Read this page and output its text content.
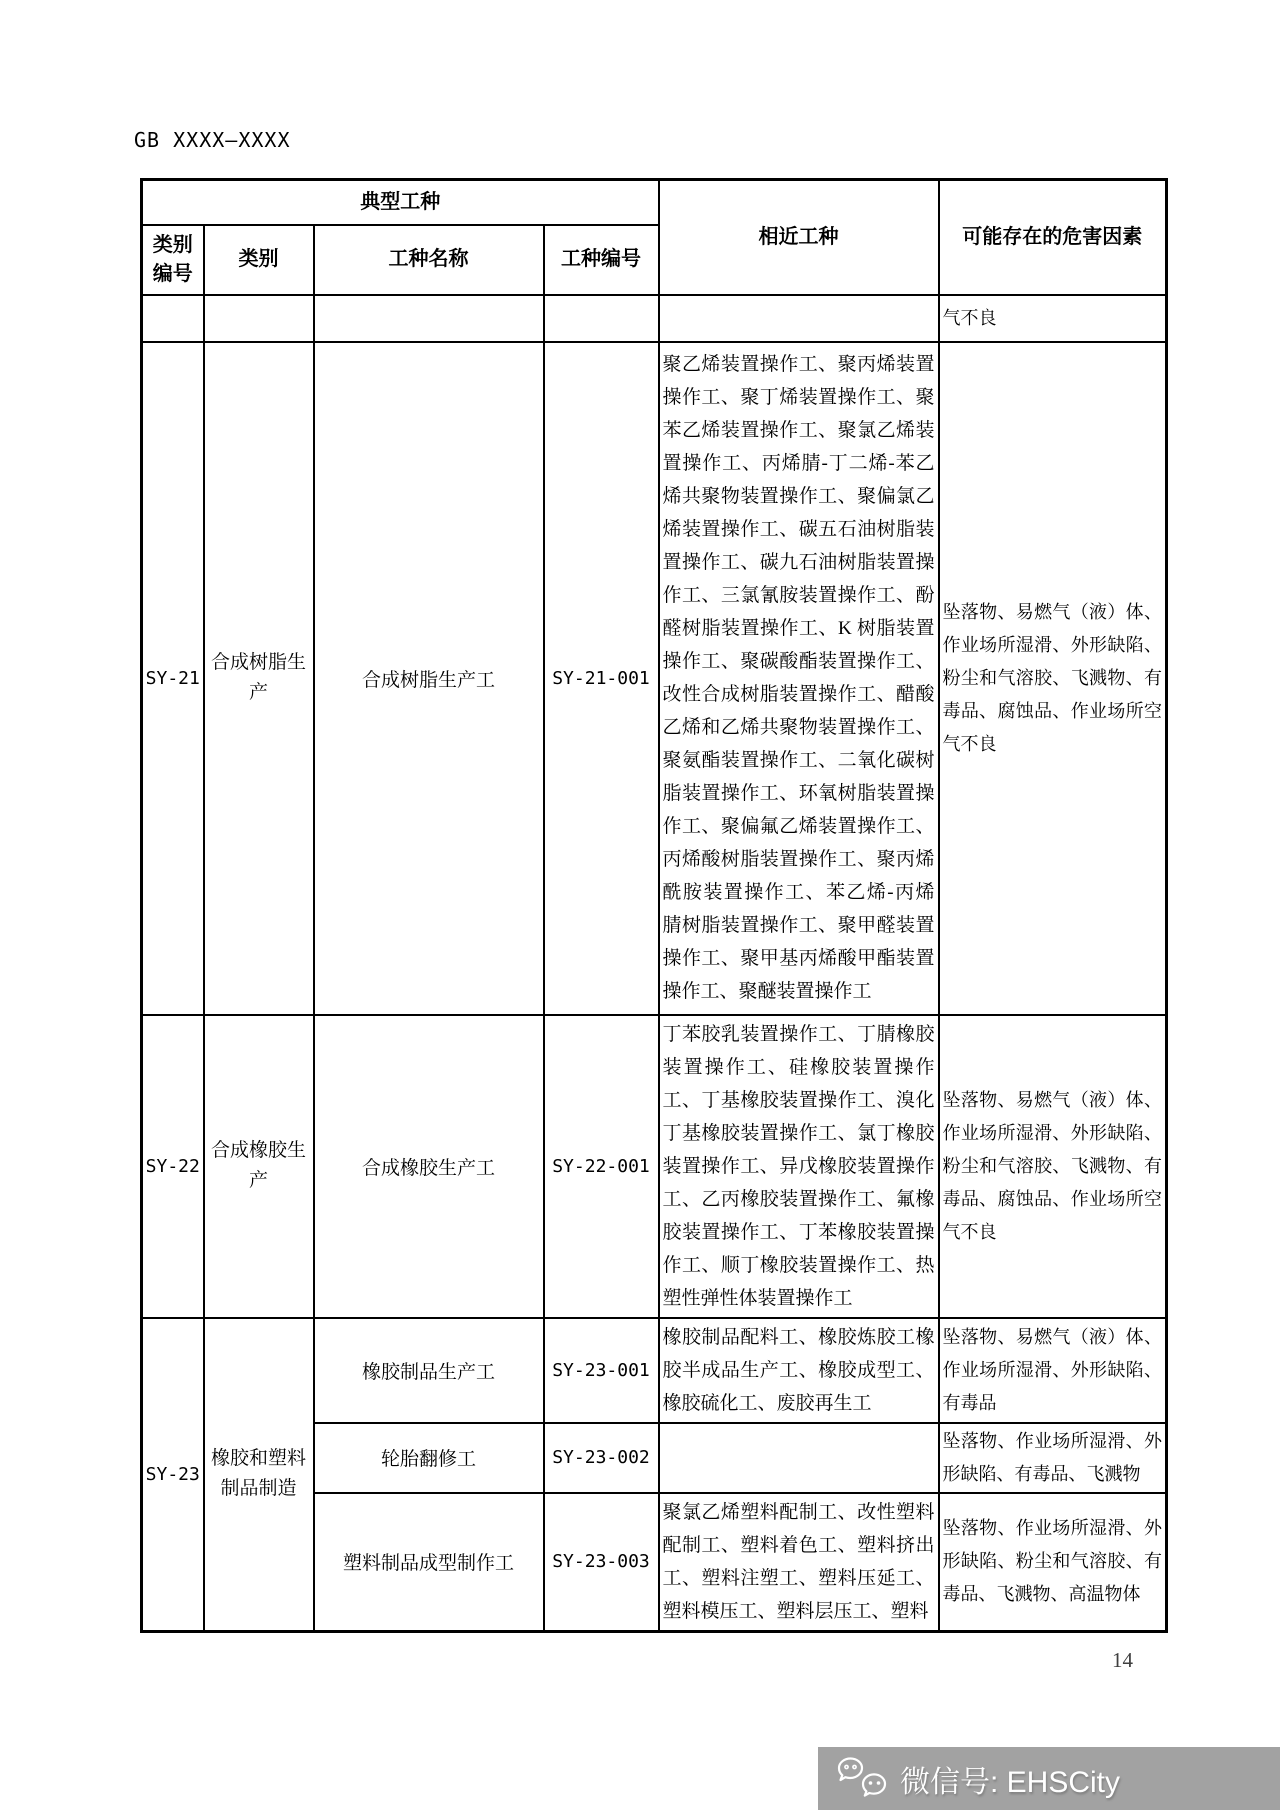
GB XXXX—XXXX
典型工种				相近工种	可能存在的危害因素
类别编号	类别	工种名称	工种编号		
					气不良
SY-21	合成树脂生产	合成树脂生产工	SY-21-001	聚乙烯装置操作工、聚丙烯装置操作工、聚丁烯装置操作工、聚苯乙烯装置操作工、聚氯乙烯装置操作工、丙烯腈-丁二烯-苯乙烯共聚物装置操作工、聚偏氯乙烯装置操作工、碳五石油树脂装置操作工、碳九石油树脂装置操作工、三氯氰胺装置操作工、酚醛树脂装置操作工、K 树脂装置操作工、聚碳酸酯装置操作工、改性合成树脂装置操作工、醋酸乙烯和乙烯共聚物装置操作工、聚氨酯装置操作工、二氧化碳树脂装置操作工、环氧树脂装置操作工、聚偏氟乙烯装置操作工、丙烯酸树脂装置操作工、聚丙烯酰胺装置操作工、苯乙烯-丙烯腈树脂装置操作工、聚甲醛装置操作工、聚甲基丙烯酸甲酯装置操作工、聚醚装置操作工	坠落物、易燃气（液）体、作业场所湿滑、外形缺陷、粉尘和气溶胶、飞溅物、有毒品、腐蚀品、作业场所空气不良
SY-22	合成橡胶生产	合成橡胶生产工	SY-22-001	丁苯胶乳装置操作工、丁腈橡胶装置操作工、硅橡胶装置操作工、丁基橡胶装置操作工、溴化丁基橡胶装置操作工、氯丁橡胶装置操作工、异戊橡胶装置操作工、乙丙橡胶装置操作工、氟橡胶装置操作工、丁苯橡胶装置操作工、顺丁橡胶装置操作工、热塑性弹性体装置操作工	坠落物、易燃气（液）体、作业场所湿滑、外形缺陷、粉尘和气溶胶、飞溅物、有毒品、腐蚀品、作业场所空气不良
SY-23	橡胶和塑料制品制造	橡胶制品生产工	SY-23-001	橡胶制品配料工、橡胶炼胶工橡胶半成品生产工、橡胶成型工、橡胶硫化工、废胶再生工	坠落物、易燃气（液）体、作业场所湿滑、外形缺陷、有毒品
		轮胎翻修工	SY-23-002		坠落物、作业场所湿滑、外形缺陷、有毒品、飞溅物
		塑料制品成型制作工	SY-23-003	聚氯乙烯塑料配制工、改性塑料配制工、塑料着色工、塑料挤出工、塑料注塑工、塑料压延工、塑料模压工、塑料层压工、塑料	坠落物、作业场所湿滑、外形缺陷、粉尘和气溶胶、有毒品、飞溅物、高温物体
14
微信号: EHSCity
